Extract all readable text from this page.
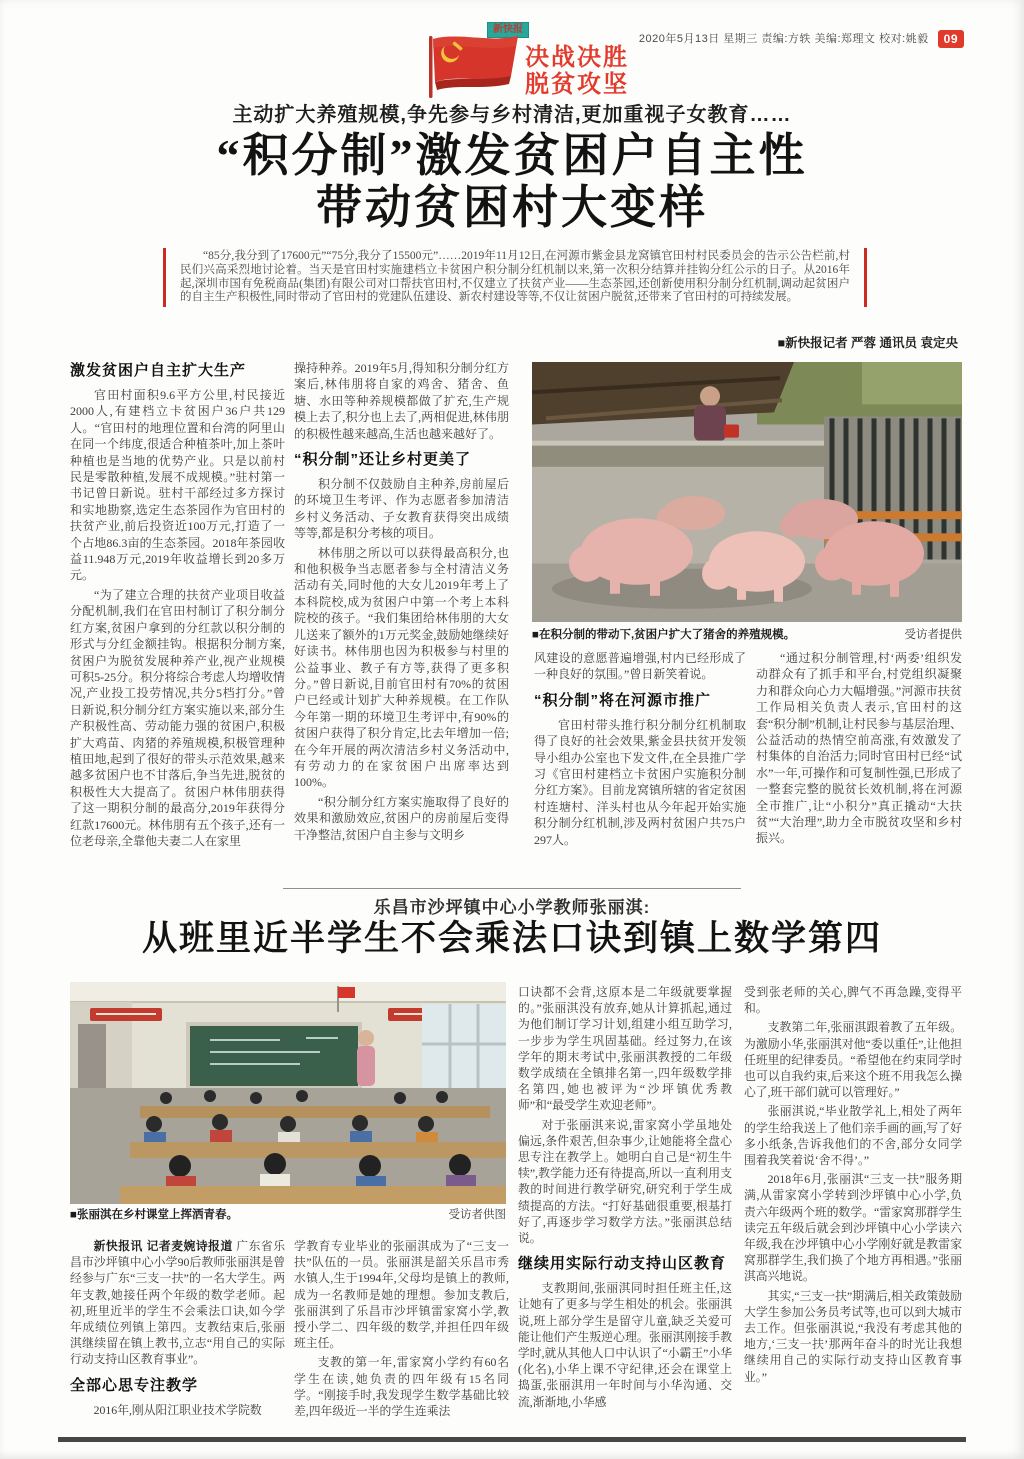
新快报
决战决胜
脱贫攻坚
2020年5月13日 星期三 责编:方轶 美编:郑理文 校对:姚毅	09
主动扩大养殖规模,争先参与乡村清洁,更加重视子女教育……
“积分制”激发贫困户自主性
带动贫困村大变样
“85分,我分到了17600元”“75分,我分了15500元”……2019年11月12日,在河源市紫金县龙窝镇官田村村民委员会的告示公告栏前,村民们兴高采烈地讨论着。当天是官田村实施建档立卡贫困户积分制分红机制以来,第一次积分结算并挂钩分红公示的日子。从2016年起,深圳市国有免税商品(集团)有限公司对口帮扶官田村,不仅建立了扶贫产业——生态茶园,还创新使用积分制分红机制,调动起贫困户的自主生产积极性,同时带动了官田村的党建队伍建设、新农村建设等等,不仅让贫困户脱贫,还带来了官田村的可持续发展。
■新快报记者 严蓉 通讯员 袁定央
激发贫困户自主扩大生产

官田村面积9.6平方公里,村民接近2000人,有建档立卡贫困户36户共129人。“官田村的地理位置和台湾的阿里山在同一个纬度,很适合种植茶叶,加上茶叶种植也是当地的优势产业。只是以前村民是零散种植,发展不成规模。”驻村第一书记曾日新说。驻村干部经过多方探讨和实地勘察,选定生态茶园作为官田村的扶贫产业,前后投资近100万元,打造了一个占地86.3亩的生态茶园。2018年茶园收益11.948万元,2019年收益增长到20多万元。

“为了建立合理的扶贫产业项目收益分配机制,我们在官田村制订了积分制分红方案,贫困户拿到的分红款以积分制的形式与分红金额挂钩。根据积分制方案,贫困户为脱贫发展种养产业,视产业规模可积5-25分。积分将综合考虑人均增收情况,产业投工投劳情况,共分5档打分。”曾日新说,积分制分红方案实施以来,部分生产积极性高、劳动能力强的贫困户,积极扩大鸡苗、肉猪的养殖规模,积极管理种植田地,起到了很好的带头示范效果,越来越多贫困户也不甘落后,争当先进,脱贫的积极性大大提高了。贫困户林伟朋获得了这一期积分制的最高分,2019年获得分红款17600元。林伟朋有五个孩子,还有一位老母亲,全靠他夫妻二人在家里

操持种养。2019年5月,得知积分制分红方案后,林伟朋将自家的鸡舍、猪舍、鱼塘、水田等种养规模都做了扩充,生产规模上去了,积分也上去了,两相促进,林伟朋的积极性越来越高,生活也越来越好了。

“积分制”还让乡村更美了

积分制不仅鼓励自主种养,房前屋后的环境卫生考评、作为志愿者参加清洁乡村义务活动、子女教育获得突出成绩等等,都是积分考核的项目。

林伟朋之所以可以获得最高积分,也和他积极争当志愿者参与全村清洁义务活动有关,同时他的大女儿2019年考上了本科院校,成为贫困户中第一个考上本科院校的孩子。“我们集团给林伟朋的大女儿送来了额外的1万元奖金,鼓励她继续好好读书。林伟朋也因为积极参与村里的公益事业、教子有方等,获得了更多积分。”曾日新说,目前官田村有70%的贫困户已经或计划扩大种养规模。在工作队今年第一期的环境卫生考评中,有90%的贫困户获得了积分肯定,比去年增加一倍;在今年开展的两次清洁乡村义务活动中,有劳动力的在家贫困户出席率达到100%。

“积分制分红方案实施取得了良好的效果和激励效应,贫困户的房前屋后变得干净整洁,贫困户自主参与文明乡

■在积分制的带动下,贫困户扩大了猪舍的养殖规模。	受访者提供

风建设的意愿普遍增强,村内已经形成了一种良好的氛围。”曾日新笑着说。

“积分制”将在河源市推广

官田村带头推行积分制分红机制取得了良好的社会效果,紫金县扶贫开发领导小组办公室也下发文件,在全县推广学习《官田村建档立卡贫困户实施积分制分红方案》。目前龙窝镇所辖的省定贫困村连塘村、洋头村也从今年起开始实施积分制分红机制,涉及两村贫困户共75户297人。

“通过积分制管理,村‘两委’组织发动群众有了抓手和平台,村党组织凝聚力和群众向心力大幅增强。”河源市扶贫工作局相关负责人表示,官田村的这套“积分制”机制,让村民参与基层治理、公益活动的热情空前高涨,有效激发了村集体的自治活力;同时官田村已经“试水”一年,可操作和可复制性强,已形成了一整套完整的脱贫长效机制,将在河源全市推广,让“小积分”真正撬动“大扶贫”“大治理”,助力全市脱贫攻坚和乡村振兴。

乐昌市沙坪镇中心小学教师张丽淇:
从班里近半学生不会乘法口诀到镇上数学第四
■张丽淇在乡村课堂上挥洒青春。	受访者供图

新快报讯 记者麦婉诗报道 广东省乐昌市沙坪镇中心小学90后教师张丽淇是曾经参与广东“三支一扶”的一名大学生。两年支教,她接任两个年级的数学老师。起初,班里近半的学生不会乘法口诀,如今学年成绩位列镇上第四。支教结束后,张丽淇继续留在镇上教书,立志“用自己的实际行动支持山区教育事业”。

全部心思专注教学

2016年,刚从阳江职业技术学院数

学教育专业毕业的张丽淇成为了“三支一扶”队伍的一员。张丽淇是韶关乐昌市秀水镇人,生于1994年,父母均是镇上的教师,成为一名教师是她的理想。参加支教后,张丽淇到了乐昌市沙坪镇雷家窝小学,教授小学二、四年级的数学,并担任四年级班主任。

支教的第一年,雷家窝小学约有60名学生在读,她负责的四年级有15名同学。“刚接手时,我发现学生数学基础比较差,四年级近一半的学生连乘法

口诀都不会背,这原本是二年级就要掌握的。”张丽淇没有放弃,她从计算抓起,通过为他们制订学习计划,组建小组互助学习,一步步为学生巩固基础。经过努力,在该学年的期末考试中,张丽淇教授的二年级数学成绩在全镇排名第一,四年级数学排名第四,她也被评为“沙坪镇优秀教师”和“最受学生欢迎老师”。

对于张丽淇来说,雷家窝小学虽地处偏远,条件艰苦,但杂事少,让她能将全盘心思专注在教学上。她明白自己是“初生牛犊”,教学能力还有待提高,所以一直利用支教的时间进行教学研究,研究利于学生成绩提高的方法。“打好基础很重要,根基打好了,再逐步学习数学方法。”张丽淇总结说。

继续用实际行动支持山区教育

支教期间,张丽淇同时担任班主任,这让她有了更多与学生相处的机会。张丽淇说,班上部分学生是留守儿童,缺乏关爱可能让他们产生叛逆心理。张丽淇刚接手教学时,就从其他人口中认识了“小霸王”小华(化名),小华上课不守纪律,还会在课堂上捣蛋,张丽淇用一年时间与小华沟通、交流,渐渐地,小华感

受到张老师的关心,脾气不再急躁,变得平和。

支教第二年,张丽淇跟着教了五年级。为激励小华,张丽淇对他“委以重任”,让他担任班里的纪律委员。“希望他在约束同学时也可以自我约束,后来这个班不用我怎么操心了,班干部们就可以管理好。”

张丽淇说,“毕业散学礼上,相处了两年的学生给我送上了他们亲手画的画,写了好多小纸条,告诉我他们的不舍,部分女同学围着我笑着说‘舍不得’。”

2018年6月,张丽淇“三支一扶”服务期满,从雷家窝小学转到沙坪镇中心小学,负责六年级两个班的数学。“雷家窝那群学生读完五年级后就会到沙坪镇中心小学读六年级,我在沙坪镇中心小学刚好就是教雷家窝那群学生,我们换了个地方再相遇。”张丽淇高兴地说。

其实,“三支一扶”期满后,相关政策鼓励大学生参加公务员考试等,也可以到大城市去工作。但张丽淇说,“我没有考虑其他的地方,‘三支一扶’那两年奋斗的时光让我想继续用自己的实际行动支持山区教育事业。”
